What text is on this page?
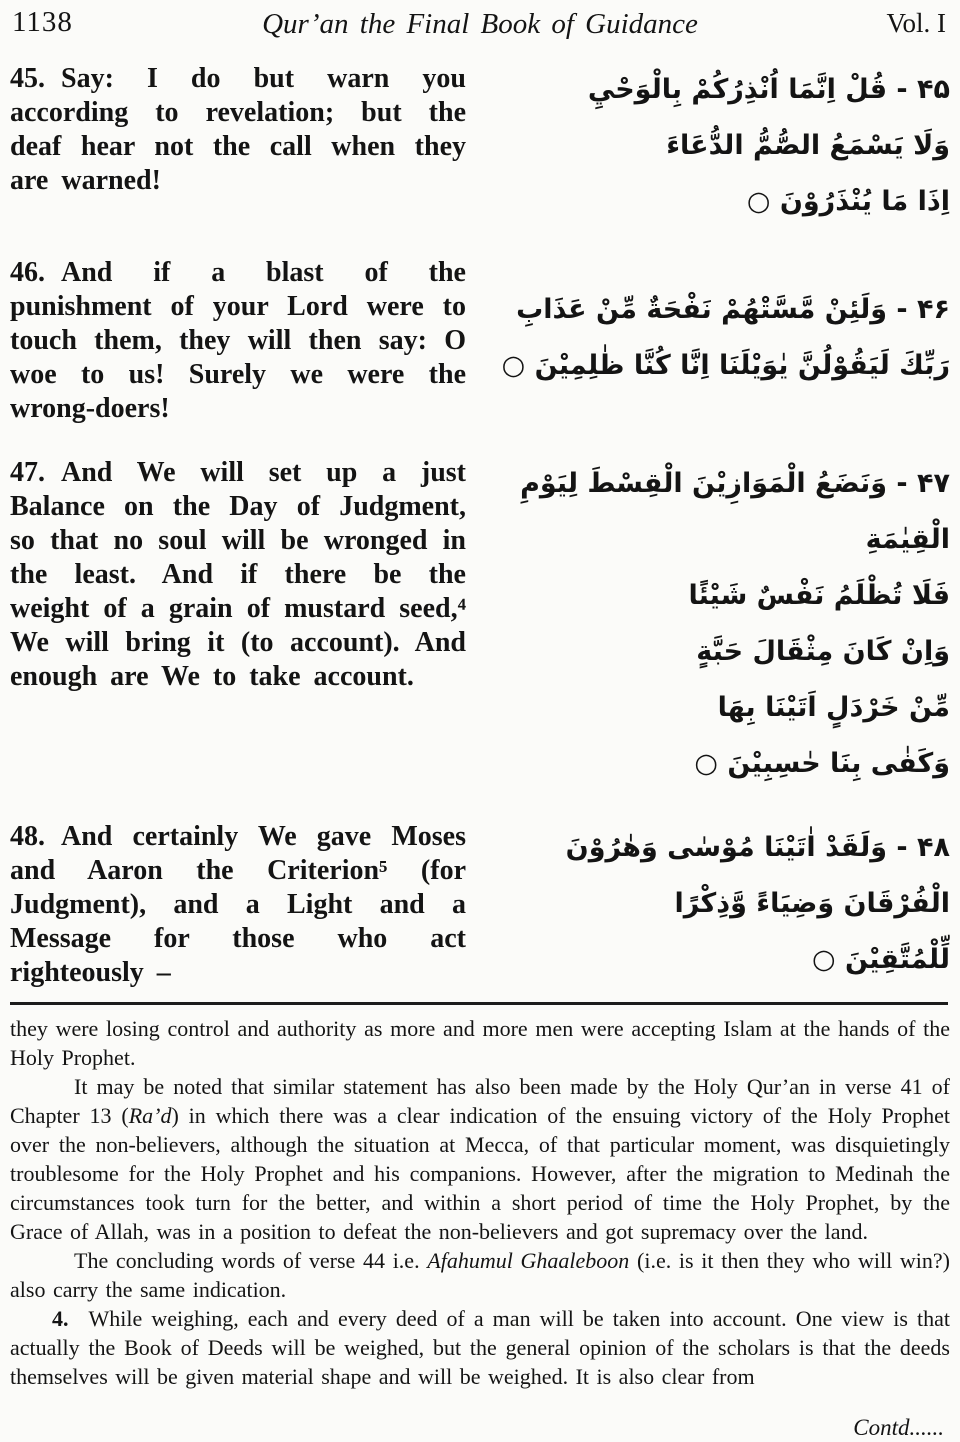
1138	Qur’an the Final Book of Guidance	Vol. I
45. Say: I do but warn you according to revelation; but the deaf hear not the call when they are warned!
۴۵ - قُلْ اِنَّمَا اُنْذِرُكُمْ بِالْوَحْيِ
وَلَا يَسْمَعُ الصُّمُّ الدُّعَاءَ
اِذَا مَا يُنْذَرُوْنَ ○
46. And if a blast of the punishment of your Lord were to touch them, they will then say: O woe to us! Surely we were the wrong-doers!
۴۶ - وَلَئِنْ مَّسَّتْهُمْ نَفْحَةٌ مِّنْ عَذَابِ
رَبِّكَ لَيَقُوْلُنَّ يٰوَيْلَنَا اِنَّا كُنَّا ظٰلِمِيْنَ ○
47. And We will set up a just Balance on the Day of Judgment, so that no soul will be wronged in the least. And if there be the weight of a grain of mustard seed,⁴ We will bring it (to account). And enough are We to take account.
۴۷ - وَنَضَعُ الْمَوَازِيْنَ الْقِسْطَ لِيَوْمِ الْقِيٰمَةِ
فَلَا تُظْلَمُ نَفْسٌ شَيْئًا
وَاِنْ كَانَ مِثْقَالَ حَبَّةٍ
مِّنْ خَرْدَلٍ اَتَيْنَا بِهَا
وَكَفٰى بِنَا حٰسِبِيْنَ ○
48. And certainly We gave Moses and Aaron the Criterion⁵ (for Judgment), and a Light and a Message for those who act righteously –
۴۸ - وَلَقَدْ اٰتَيْنَا مُوْسٰى وَهٰرُوْنَ
الْفُرْقَانَ وَضِيَاءً وَّذِكْرًا
لِّلْمُتَّقِيْنَ ○

they were losing control and authority as more and more men were accepting Islam at the hands of the Holy Prophet.

It may be noted that similar statement has also been made by the Holy Qur’an in verse 41 of Chapter 13 (Ra’d) in which there was a clear indication of the ensuing victory of the Holy Prophet over the non-believers, although the situation at Mecca, of that particular moment, was disquietingly troublesome for the Holy Prophet and his companions. However, after the migration to Medinah the circumstances took turn for the better, and within a short period of time the Holy Prophet, by the Grace of Allah, was in a position to defeat the non-believers and got supremacy over the land.

The concluding words of verse 44 i.e. Afahumul Ghaaleboon (i.e. is it then they who will win?) also carry the same indication.

4. While weighing, each and every deed of a man will be taken into account. One view is that actually the Book of Deeds will be weighed, but the general opinion of the scholars is that the deeds themselves will be given material shape and will be weighed. It is also clear from

Contd......
